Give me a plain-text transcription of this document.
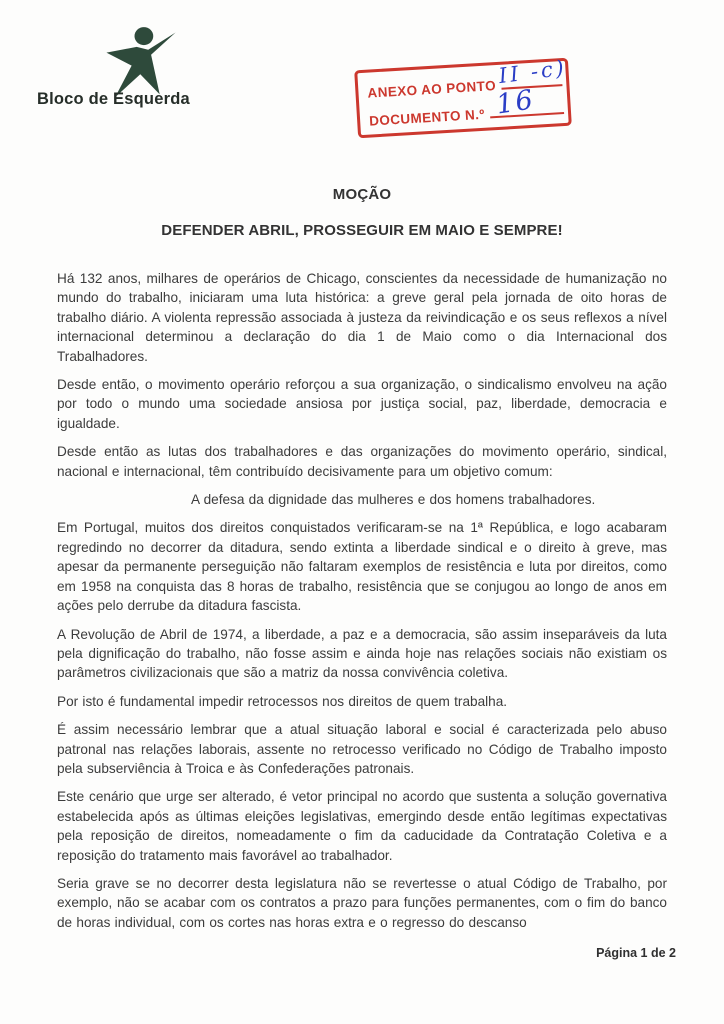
Bloco de Esquerda	ANEXO AO PONTO
II -c)
DOCUMENTO N.º 16
MOÇÃO
DEFENDER ABRIL, PROSSEGUIR EM MAIO E SEMPRE!

Há 132 anos, milhares de operários de Chicago, conscientes da necessidade de humanização no mundo do trabalho, iniciaram uma luta histórica: a greve geral pela jornada de oito horas de trabalho diário. A violenta repressão associada à justeza da reivindicação e os seus reflexos a nível internacional determinou a declaração do dia 1 de Maio como o dia Internacional dos Trabalhadores.

Desde então, o movimento operário reforçou a sua organização, o sindicalismo envolveu na ação por todo o mundo uma sociedade ansiosa por justiça social, paz, liberdade, democracia e igualdade.

Desde então as lutas dos trabalhadores e das organizações do movimento operário, sindical, nacional e internacional, têm contribuído decisivamente para um objetivo comum:

A defesa da dignidade das mulheres e dos homens trabalhadores.

Em Portugal, muitos dos direitos conquistados verificaram-se na 1ª República, e logo acabaram regredindo no decorrer da ditadura, sendo extinta a liberdade sindical e o direito à greve, mas apesar da permanente perseguição não faltaram exemplos de resistência e luta por direitos, como em 1958 na conquista das 8 horas de trabalho, resistência que se conjugou ao longo de anos em ações pelo derrube da ditadura fascista.

A Revolução de Abril de 1974, a liberdade, a paz e a democracia, são assim inseparáveis da luta pela dignificação do trabalho, não fosse assim e ainda hoje nas relações sociais não existiam os parâmetros civilizacionais que são a matriz da nossa convivência coletiva.

Por isto é fundamental impedir retrocessos nos direitos de quem trabalha.

É assim necessário lembrar que a atual situação laboral e social é caracterizada pelo abuso patronal nas relações laborais, assente no retrocesso verificado no Código de Trabalho imposto pela subserviência à Troica e às Confederações patronais.

Este cenário que urge ser alterado, é vetor principal no acordo que sustenta a solução governativa estabelecida após as últimas eleições legislativas, emergindo desde então legítimas expectativas pela reposição de direitos, nomeadamente o fim da caducidade da Contratação Coletiva e a reposição do tratamento mais favorável ao trabalhador.

Seria grave se no decorrer desta legislatura não se revertesse o atual Código de Trabalho, por exemplo, não se acabar com os contratos a prazo para funções permanentes, com o fim do banco de horas individual, com os cortes nas horas extra e o regresso do descanso

Página 1 de 2
